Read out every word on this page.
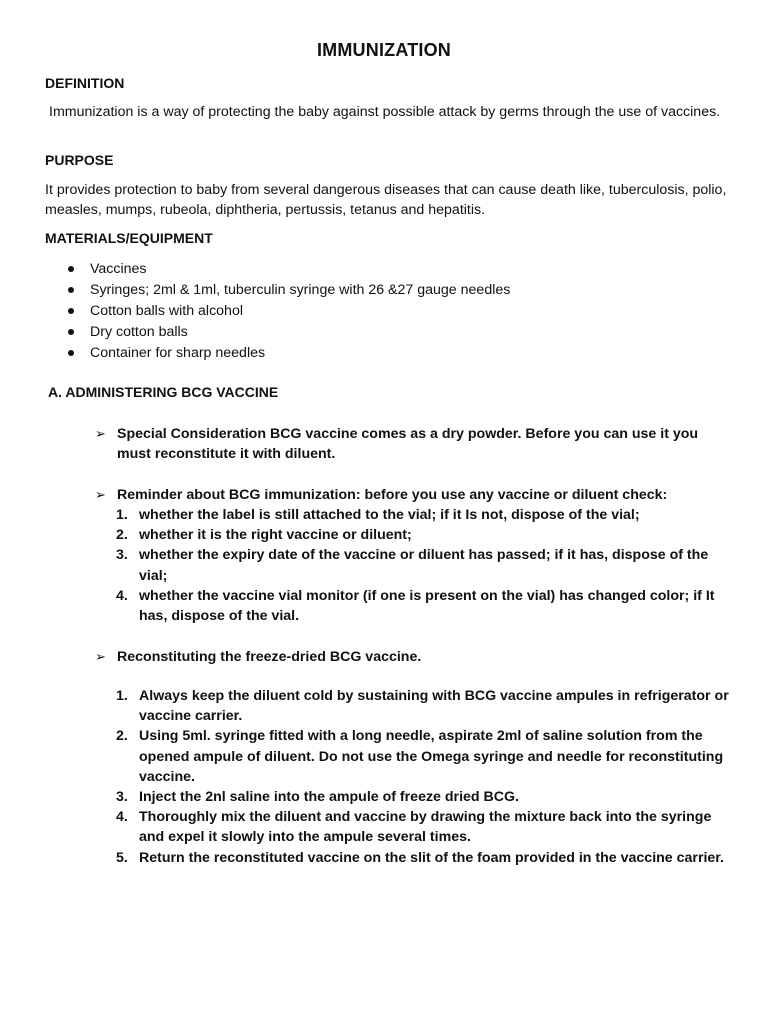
IMMUNIZATION
DEFINITION

Immunization is a way of protecting the baby against possible attack by germs through the use of vaccines.

PURPOSE

It provides protection to baby from several dangerous diseases that can cause death like, tuberculosis, polio, measles, mumps, rubeola, diphtheria, pertussis, tetanus and hepatitis.

MATERIALS/EQUIPMENT
Vaccines
Syringes; 2ml & 1ml, tuberculin syringe with 26 &27 gauge needles
Cotton balls with alcohol
Dry cotton balls
Container for sharp needles
A. ADMINISTERING BCG VACCINE
➢ Special Consideration BCG vaccine comes as a dry powder. Before you can use it you must reconstitute it with diluent.
➢ Reminder about BCG immunization: before you use any vaccine or diluent check:
1. whether the label is still attached to the vial; if it Is not, dispose of the vial;
2. whether it is the right vaccine or diluent;
3. whether the expiry date of the vaccine or diluent has passed; if it has, dispose of the vial;
4. whether the vaccine vial monitor (if one is present on the vial) has changed color; if It has, dispose of the vial.
➢ Reconstituting the freeze-dried BCG vaccine.
1. Always keep the diluent cold by sustaining with BCG vaccine ampules in refrigerator or vaccine carrier.
2. Using 5ml. syringe fitted with a long needle, aspirate 2ml of saline solution from the opened ampule of diluent. Do not use the Omega syringe and needle for reconstituting vaccine.
3. Inject the 2nl saline into the ampule of freeze dried BCG.
4. Thoroughly mix the diluent and vaccine by drawing the mixture back into the syringe and expel it slowly into the ampule several times.
5. Return the reconstituted vaccine on the slit of the foam provided in the vaccine carrier.
